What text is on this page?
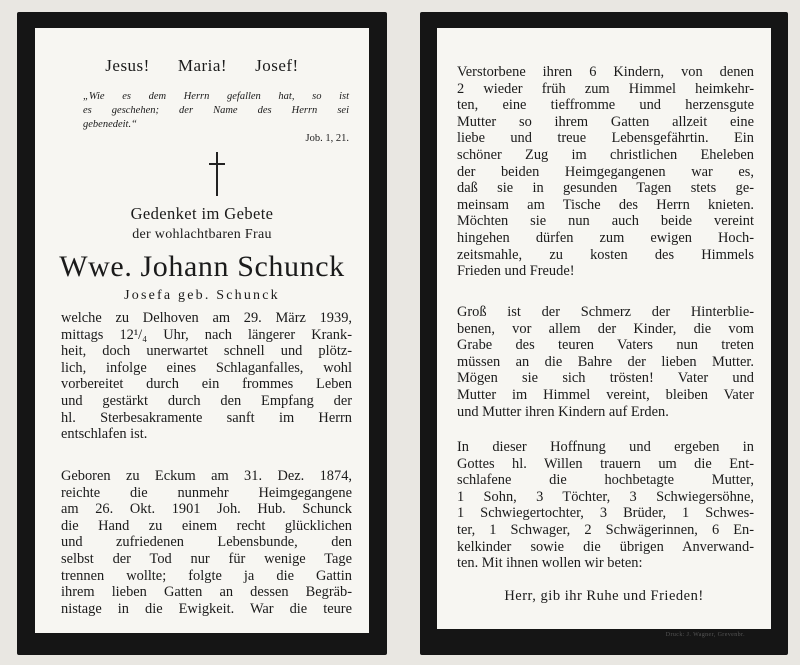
Jesus! Maria! Josef!
„Wie es dem Herrn gefallen hat, so ist
es geschehen; der Name des Herrn sei
gebenedeit.“
Job. 1, 21.
Gedenket im Gebete
der wohlachtbaren Frau
Wwe. Johann Schunck
Josefa geb. Schunck
welche zu Delhoven am 29. März 1939,
mittags 12¹/₄ Uhr, nach längerer Krank-
heit, doch unerwartet schnell und plötz-
lich, infolge eines Schlaganfalles, wohl
vorbereitet durch ein frommes Leben
und gestärkt durch den Empfang der
hl. Sterbesakramente sanft im Herrn
entschlafen ist.
Geboren zu Eckum am 31. Dez. 1874,
reichte die nunmehr Heimgegangene
am 26. Okt. 1901 Joh. Hub. Schunck
die Hand zu einem recht glücklichen
und zufriedenen Lebensbunde, den
selbst der Tod nur für wenige Tage
trennen wollte; folgte ja die Gattin
ihrem lieben Gatten an dessen Begräb-
nistage in die Ewigkeit. War die teure
Verstorbene ihren 6 Kindern, von denen
2 wieder früh zum Himmel heimkehr-
ten, eine tieffromme und herzensgute
Mutter so ihrem Gatten allzeit eine
liebe und treue Lebensgefährtin. Ein
schöner Zug im christlichen Eheleben
der beiden Heimgegangenen war es,
daß sie in gesunden Tagen stets ge-
meinsam am Tische des Herrn knieten.
Möchten sie nun auch beide vereint
hingehen dürfen zum ewigen Hoch-
zeitsmahle, zu kosten des Himmels
Frieden und Freude!
Groß ist der Schmerz der Hinterblie-
benen, vor allem der Kinder, die vom
Grabe des teuren Vaters nun treten
müssen an die Bahre der lieben Mutter.
Mögen sie sich trösten! Vater und
Mutter im Himmel vereint, bleiben Vater
und Mutter ihren Kindern auf Erden.
In dieser Hoffnung und ergeben in
Gottes hl. Willen trauern um die Ent-
schlafene die hochbetagte Mutter,
1 Sohn, 3 Töchter, 3 Schwiegersöhne,
1 Schwiegertochter, 3 Brüder, 1 Schwes-
ter, 1 Schwager, 2 Schwägerinnen, 6 En-
kelkinder sowie die übrigen Anverwand-
ten. Mit ihnen wollen wir beten:
Herr, gib ihr Ruhe und Frieden!
Druck: J. Wagner, Grevenbr.
